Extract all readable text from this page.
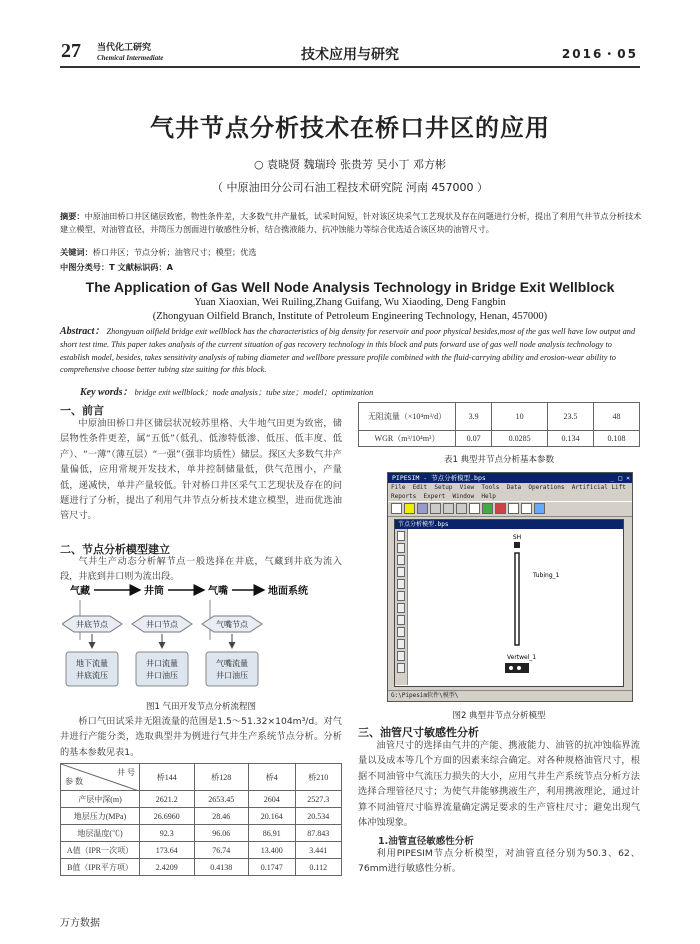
27 当代化工研究
Chemical Intermediate	技术应用与研究	2016・05
气井节点分析技术在桥口井区的应用
○ 袁晓贤 魏瑞玲 张贵芳 吴小丁 邓方彬
（ 中原油田分公司石油工程技术研究院 河南 457000 ）
摘要：中原油田桥口井区储层致密，物性条件差，大多数气井产量低，试采时间短，针对该区块采气工艺现状及存在问题进行分析，提出了利用气井节点分析技术建立模型，对油管直径，井筒压力剖面进行敏感性分析，结合携液能力、抗冲蚀能力等综合优选适合该区块的油管尺寸。
关键词：桥口井区；节点分析；油管尺寸；模型；优选
中图分类号：T 文献标识码：A
The Application of Gas Well Node Analysis Technology in Bridge Exit Wellblock
Yuan Xiaoxian, Wei Ruiling,Zhang Guifang, Wu Xiaoding, Deng Fangbin
(Zhongyuan Oilfield Branch, Institute of Petroleum Engineering Technology, Henan, 457000)
Abstract： Zhongyuan oilfield bridge exit wellblock has the characteristics of big density for reservoir and poor physical besides,most of the gas well have low output and short test time. This paper takes analysis of the current situation of gas recovery technology in this block and puts forward use of gas well node analysis technology to establish model, besides, takes sensitivity analysis of tubing diameter and wellbore pressure profile combined with the fluid-carrying ability and erosion-wear ability to comprehensive choose better tubing size suiting for this block.
Key words： bridge exit wellblock；node analysis；tube size；model；optimization
一、前言

中原油田桥口井区储层状况较苏里格、大牛地气田更为致密，储层物性条件更差，属“五低”（低孔、低渗特低渗、低压、低丰度、低产）、“一薄”（薄互层）“一强”（强非均质性）储层。探区大多数气井产量偏低，应用常规开发技术，单井控制储量低，供气范围小，产量低，递减快，单井产量较低。针对桥口井区采气工艺现状及存在的问题进行了分析，提出了利用气井节点分析技术建立模型，进而优选油管尺寸。

二、节点分析模型建立

气井生产动态分析解节点一般选择在井底，气藏到井底为流入段，井底到井口则为流出段。

气藏	井筒	气嘴	地面系统
井底节点	井口节点	气嘴节点
地下流量
井底流压
井口流量
井口油压
气嘴流量
井口油压
图1 气田开发节点分析流程图

桥口气田试采井无阻流量的范围是1.5～51.32×104m³/d。对气井进行产能分类，选取典型井为例进行气井生产系统节点分析。分析的基本参数见表1。

井 号
参 数	桥144	桥128	桥4	桥210
产层中深(m)	2621.2	2653.45	2604	2527.3
地层压力(MPa)	26.6960	28.46	20.164	20.534
地层温度(℃)	92.3	96.06	86.91	87.843
A值（IPR一次项）	173.64	76.74	13.400	3.441
B值（IPR平方项）	2.4209	0.4138	0.1747	0.112
无阻流量（×10⁴m³/d）	3.9	10	23.5	48
WGR（m³/10⁴m³）	0.07	0.0285	0.134	0.108
表1 典型井节点分析基本参数
PIPESIM - 节点分析模型.bps	_ □ ×
File Edit Setup View Tools Data Operations Artificial Lift
Reports Expert Window Help
节点分析模型.bps
SH
Tubing_1
Vertwel_1
G:\Pipesim软件\模型\
图2 典型井节点分析模型
三、油管尺寸敏感性分析

油管尺寸的选择由气井的产能、携液能力、油管的抗冲蚀临界流量以及成本等几个方面的因素来综合确定。对各种规格油管尺寸，根据不同油管中气流压力损失的大小，应用气井生产系统节点分析方法选择合理管径尺寸；为使气井能够携液生产，利用携液理论，通过计算不同油管尺寸临界流量确定满足要求的生产管柱尺寸；避免出现气体冲蚀现象。

1.油管直径敏感性分析

利用PIPESIM节点分析模型，对油管直径分别为50.3、62、76mm进行敏感性分析。

万方数据
